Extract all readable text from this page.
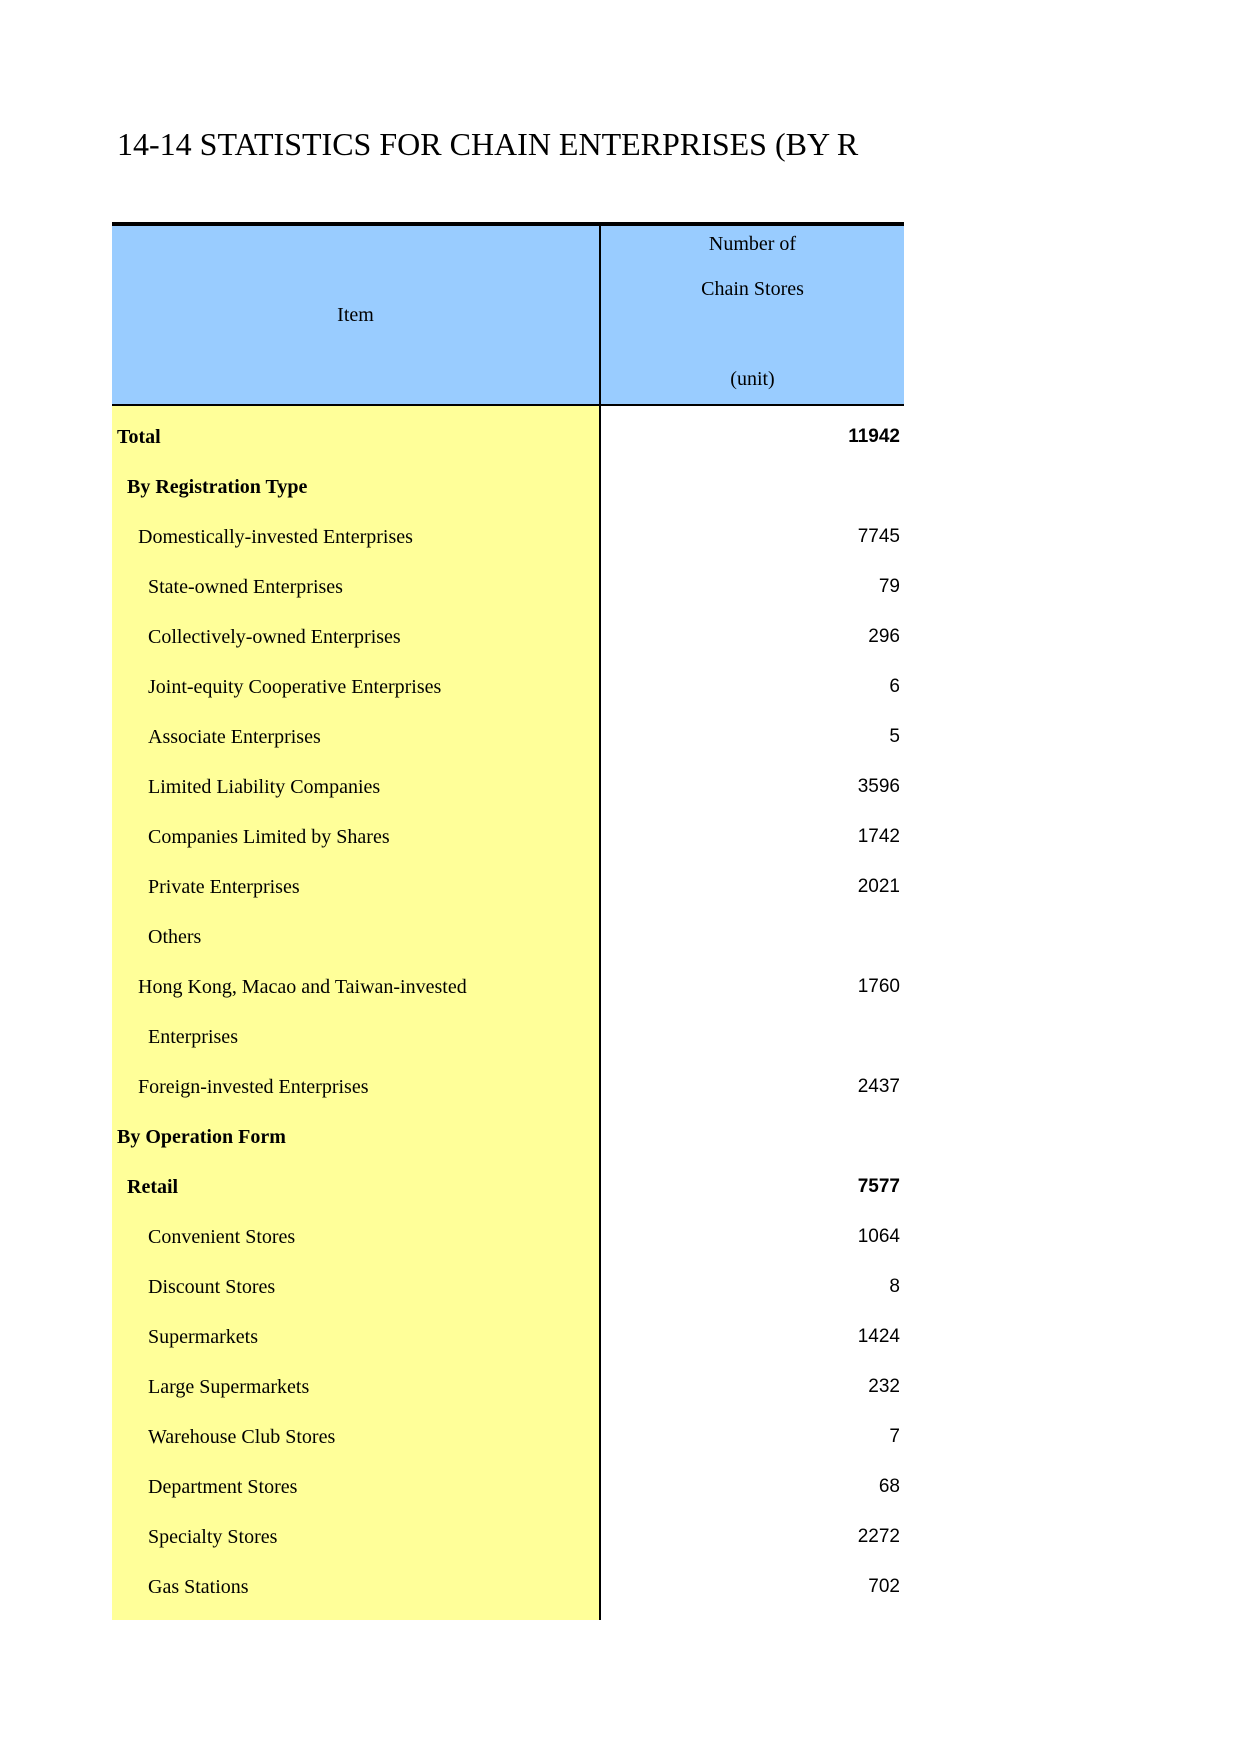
14-14 STATISTICS FOR CHAIN ENTERPRISES (BY R
Item
Number of
Chain Stores
(unit)
Total	11942
By Registration Type
Domestically-invested Enterprises	7745
State-owned Enterprises	79
Collectively-owned Enterprises	296
Joint-equity Cooperative Enterprises	6
Associate Enterprises	5
Limited Liability Companies	3596
Companies Limited by Shares	1742
Private Enterprises	2021
Others
Hong Kong, Macao and Taiwan-invested	1760
Enterprises
Foreign-invested Enterprises	2437
By Operation Form
Retail	7577
Convenient Stores	1064
Discount Stores	8
Supermarkets	1424
Large Supermarkets	232
Warehouse Club Stores	7
Department Stores	68
Specialty Stores	2272
Gas Stations	702
